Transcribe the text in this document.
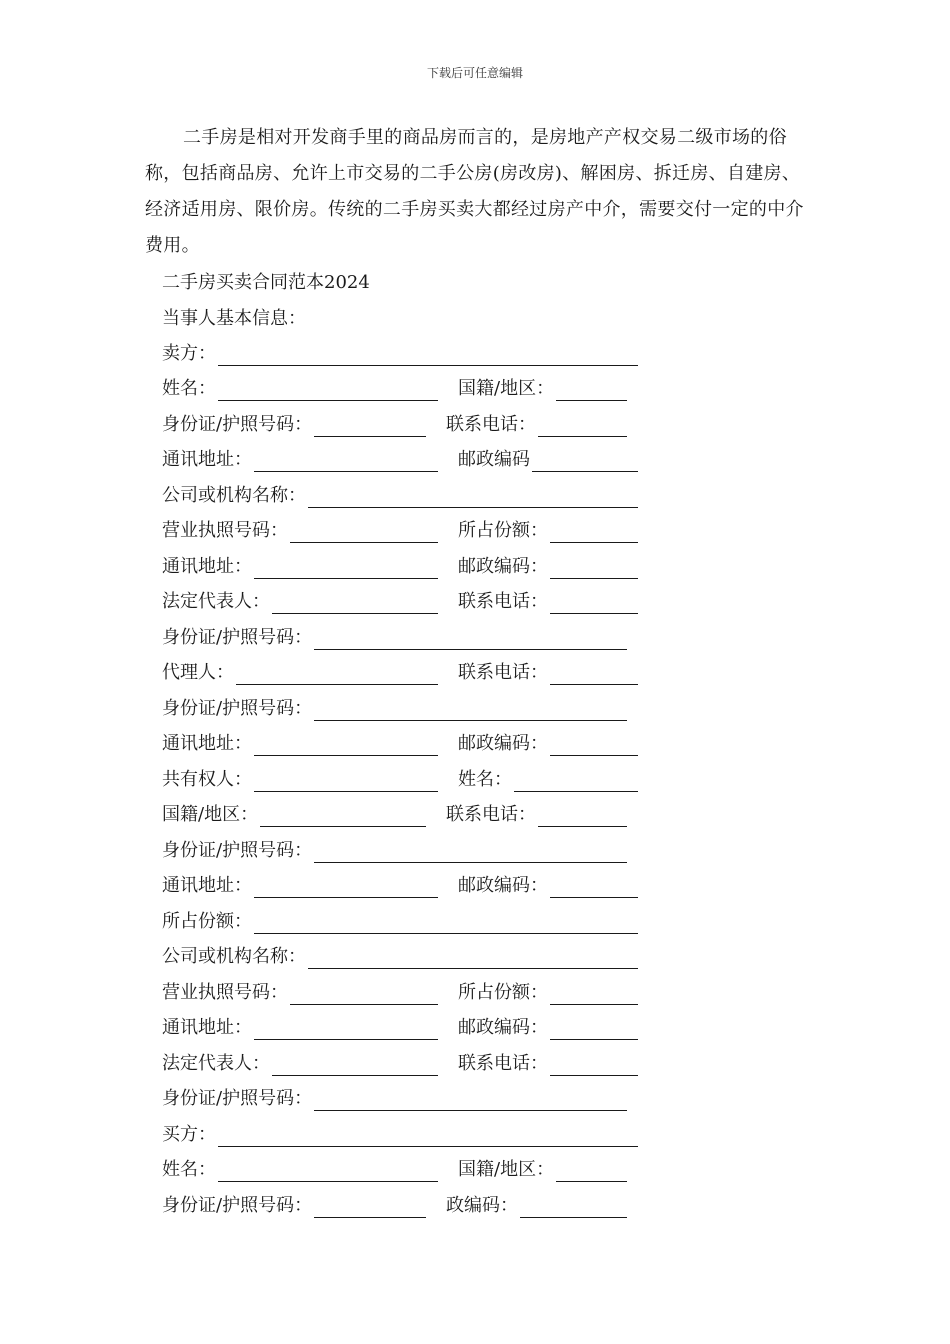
下载后可任意编辑

二手房是相对开发商手里的商品房而言的，是房地产产权交易二级市场的俗称，包括商品房、允许上市交易的二手公房(房改房)、解困房、拆迁房、自建房、经济适用房、限价房。传统的二手房买卖大都经过房产中介，需要交付一定的中介费用。

二手房买卖合同范本2024
当事人基本信息：
卖方：
姓名：	国籍/地区：
身份证/护照号码：	联系电话：
通讯地址：	邮政编码
公司或机构名称：
营业执照号码：	所占份额：
通讯地址：	邮政编码：
法定代表人：	联系电话：
身份证/护照号码：
代理人：	联系电话：
身份证/护照号码：
通讯地址：	邮政编码：
共有权人：	姓名：
国籍/地区：	联系电话：
身份证/护照号码：
通讯地址：	邮政编码：
所占份额：
公司或机构名称：
营业执照号码：	所占份额：
通讯地址：	邮政编码：
法定代表人：	联系电话：
身份证/护照号码：
买方：
姓名：	国籍/地区：
身份证/护照号码：	政编码：
